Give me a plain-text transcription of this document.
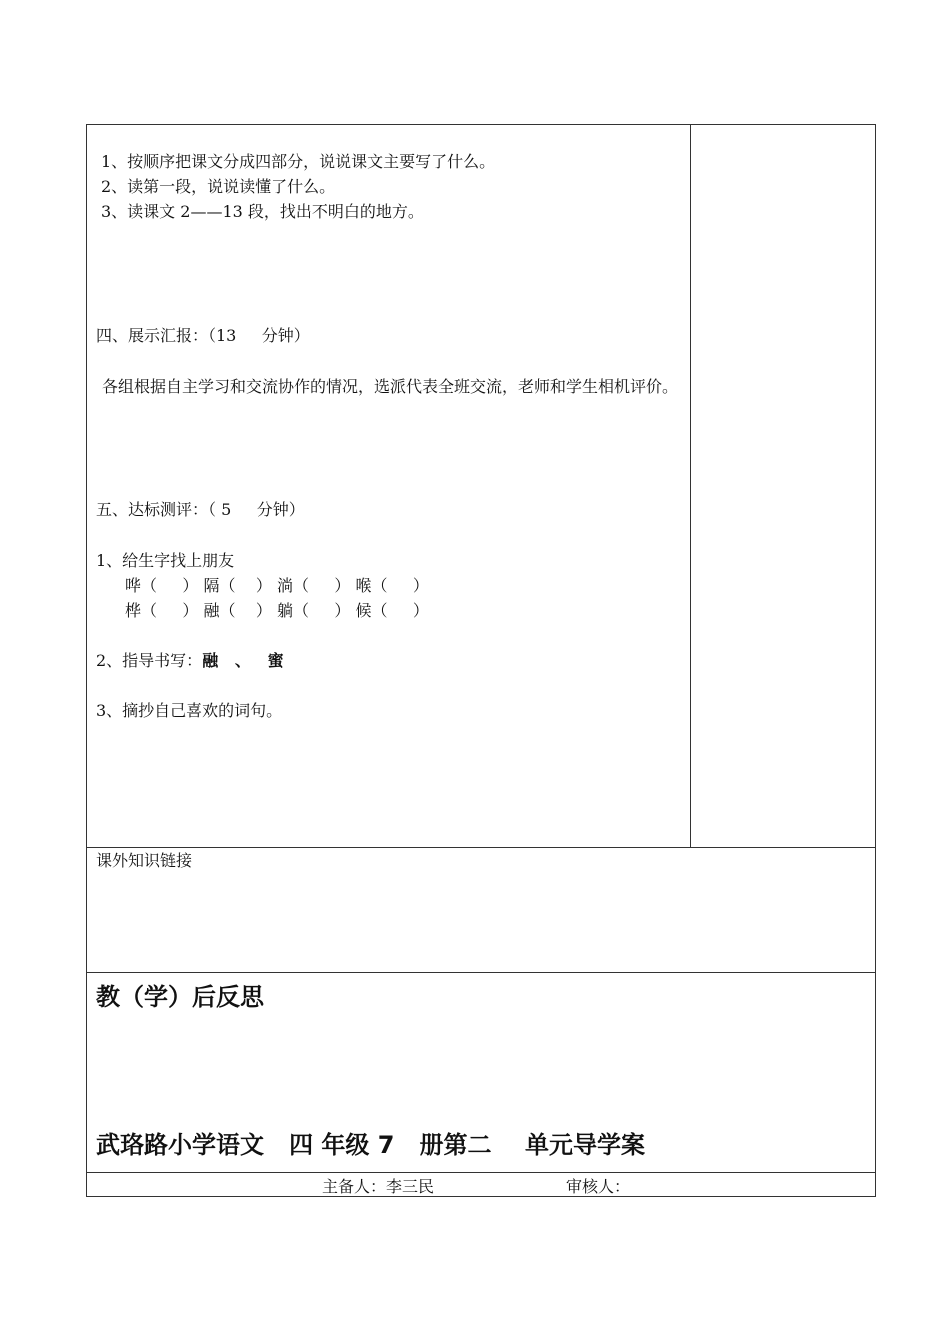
1、按顺序把课文分成四部分，说说课文主要写了什么。
2、读第一段，说说读懂了什么。
3、读课文 2——13 段，找出不明白的地方。
四、展示汇报：（13     分钟）
各组根据自主学习和交流协作的情况，选派代表全班交流，老师和学生相机评价。
五、达标测评：（ 5     分钟）
1、给生字找上朋友
哗（     ） 隔（    ） 淌（     ） 喉（     ）
桦（     ） 融（    ） 躺（     ） 候（     ）
2、指导书写：融   、   蜜
3、摘抄自己喜欢的词句。
课外知识链接
教（学）后反思
武珞路小学语文   四 年级 7   册第二    单元导学案
主备人：李三民	审核人：
